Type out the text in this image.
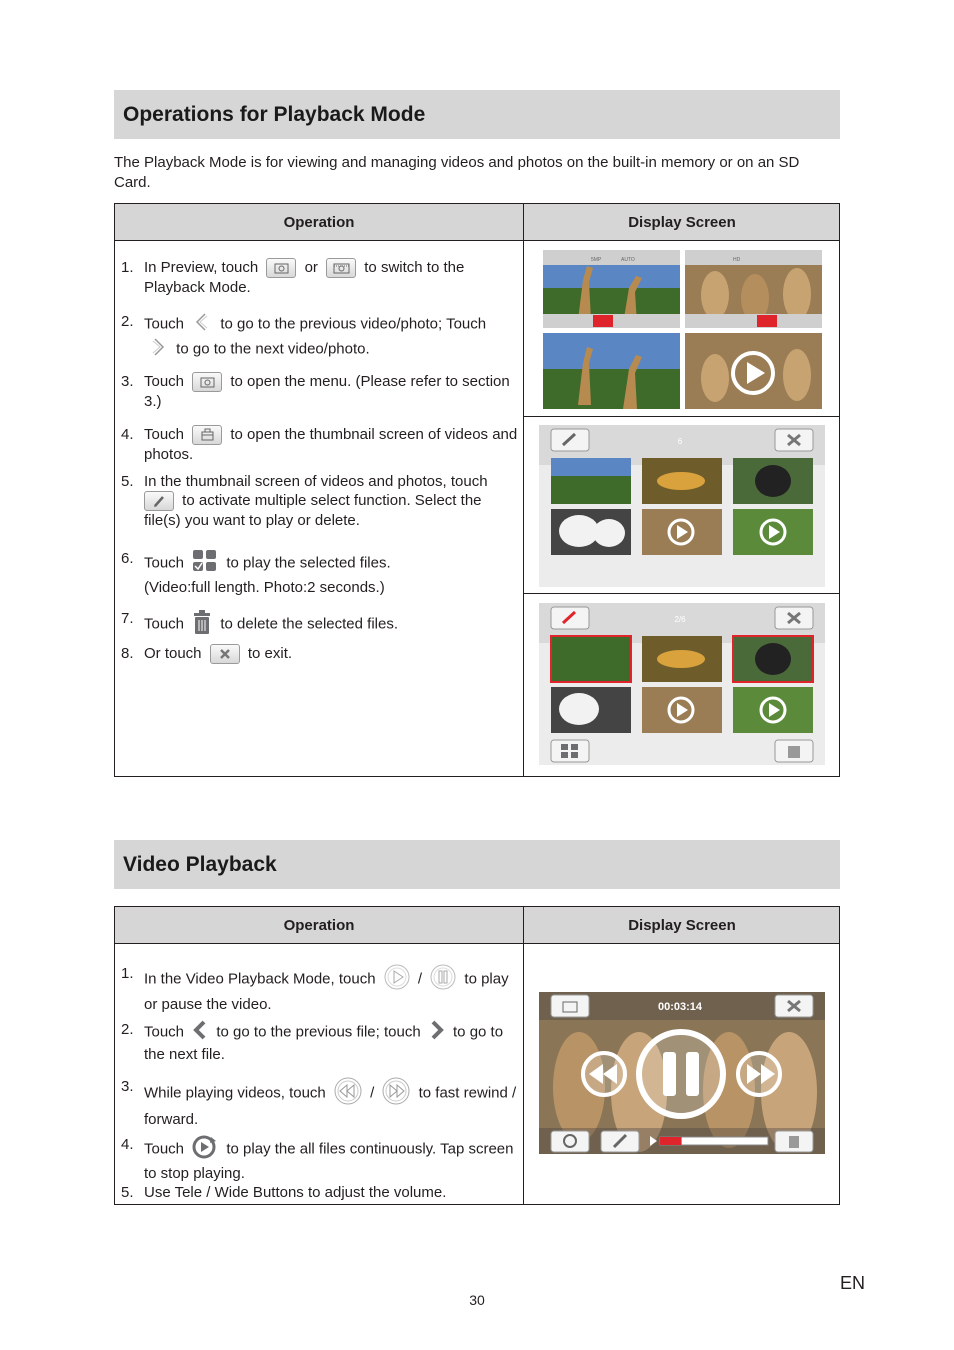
Operations for Playback Mode
The Playback Mode is for viewing and managing videos and photos on the built-in memory or on an SD Card.
Operation	Display Screen
1. In Preview, touch	or	to switch to the Playback Mode.
2. Touch to go to the previous video/photo; Touch
to go to the next video/photo.
3. Touch	to open the menu. (Please refer to section 3.)
4. Touch	to open the thumbnail screen of videos and photos.
5. In the thumbnail screen of videos and photos, touch

to activate multiple select function. Select the file(s) you want to play or delete.
6. Touch	to play the selected files.
(Video:full length. Photo:2 seconds.)
7. Touch to delete the selected files.
8. Or touch	to exit.
5MP	AUTO	HD
6
2/6
Video Playback
Operation	Display Screen
1. In the Video Playback Mode, touch	/	to play or pause the video.
2. Touch to go to the previous file; touch to go to the next file.
3. While playing videos, touch	/	to fast rewind / forward.
4. Touch	to play the all files continuously. Tap screen to stop playing.
5. Use Tele / Wide Buttons to adjust the volume.
00:03:14
30
EN
